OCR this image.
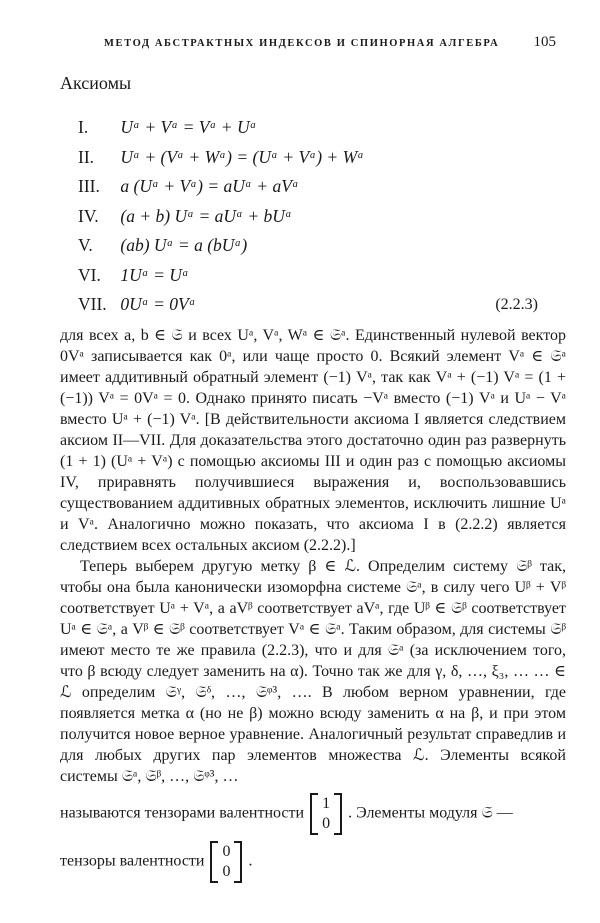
МЕТОД АБСТРАКТНЫХ ИНДЕКСОВ И СПИНОРНАЯ АЛГЕБРА 105
Аксиомы
I. Uᵃ + Vᵃ = Vᵃ + Uᵃ
II. Uᵃ + (Vᵃ + Wᵃ) = (Uᵃ + Vᵃ) + Wᵃ
III. a (Uᵃ + Vᵃ) = aUᵃ + aVᵃ
IV. (a + b) Uᵃ = aUᵃ + bUᵃ
V. (ab) Uᵃ = a (bUᵃ)
VI. 1Uᵃ = Uᵃ
VII. 0Uᵃ = 0Vᵃ	(2.2.3)

для всех a, b ∈ 𝔖 и всех Uᵃ, Vᵃ, Wᵃ ∈ 𝔖ᵃ. Единственный нулевой вектор 0Vᵃ записывается как 0ᵃ, или чаще просто 0. Всякий элемент Vᵃ ∈ 𝔖ᵃ имеет аддитивный обратный элемент (−1) Vᵃ, так как Vᵃ + (−1) Vᵃ = (1 + (−1)) Vᵃ = 0Vᵃ = 0. Однако принято писать −Vᵃ вместо (−1) Vᵃ и Uᵃ − Vᵃ вместо Uᵃ + (−1) Vᵃ. [В действительности аксиома I является следствием аксиом II—VII. Для доказательства этого достаточно один раз развернуть (1 + 1) (Uᵃ + Vᵃ) с помощью аксиомы III и один раз с помощью аксиомы IV, приравнять получившиеся выражения и, воспользовавшись существованием аддитивных обратных элементов, исключить лишние Uᵃ и Vᵃ. Аналогично можно показать, что аксиома I в (2.2.2) является следствием всех остальных аксиом (2.2.2).]

Теперь выберем другую метку β ∈ ℒ. Определим систему 𝔖ᵝ так, чтобы она была канонически изоморфна системе 𝔖ᵃ, в силу чего Uᵝ + Vᵝ соответствует Uᵃ + Vᵃ, а aVᵝ соответствует aVᵃ, где Uᵝ ∈ 𝔖ᵝ соответствует Uᵃ ∈ 𝔖ᵃ, а Vᵝ ∈ 𝔖ᵝ соответствует Vᵃ ∈ 𝔖ᵃ. Таким образом, для системы 𝔖ᵝ имеют место те же правила (2.2.3), что и для 𝔖ᵃ (за исключением того, что β всюду следует заменить на α). Точно так же для γ, δ, …, ξ₃, … … ∈ ℒ определим 𝔖ᵞ, 𝔖ᵟ, …, 𝔖ᵠ³, …. В любом верном уравнении, где появляется метка α (но не β) можно всюду заменить α на β, и при этом получится новое верное уравнение. Аналогичный результат справедлив и для любых других пар элементов множества ℒ. Элементы всякой системы 𝔖ᵃ, 𝔖ᵝ, …, 𝔖ᵠ³, …

называются тензорами валентности
1
0
. Элементы модуля 𝔖 —
тензоры валентности
0
0
.
